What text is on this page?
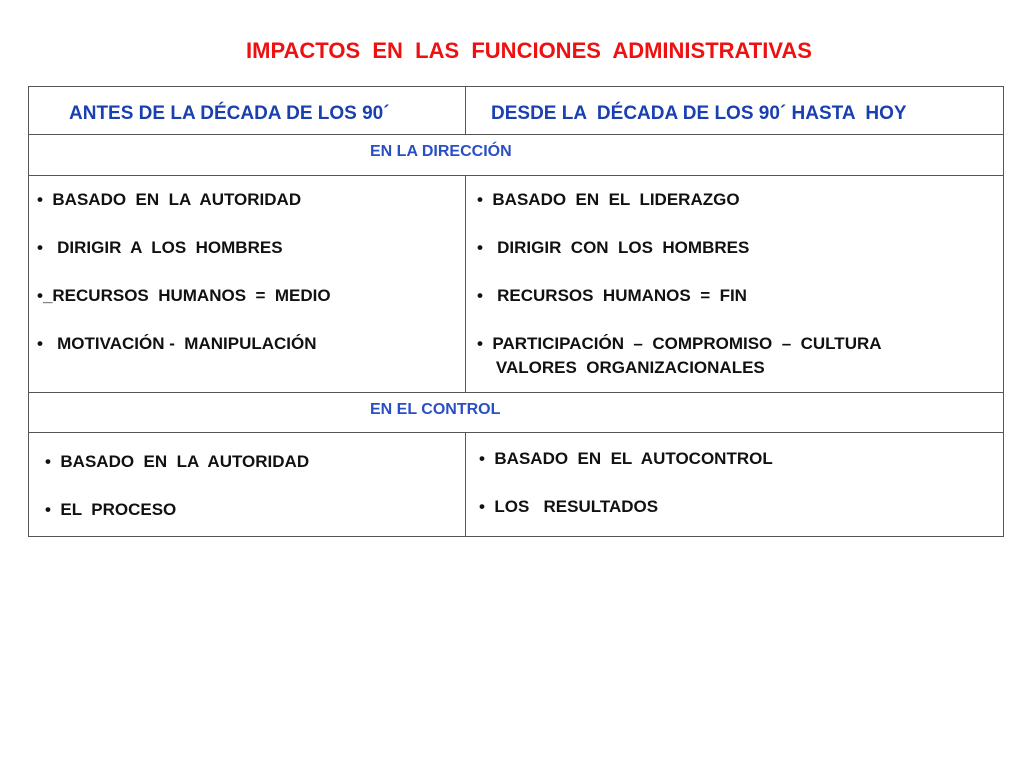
IMPACTOS  EN  LAS  FUNCIONES  ADMINISTRATIVAS
ANTES DE LA DÉCADA DE LOS 90´	DESDE LA  DÉCADA DE LOS 90´ HASTA  HOY
EN LA DIRECCIÓN
•  BASADO  EN  LA  AUTORIDAD
•   DIRIGIR  A  LOS  HOMBRES
•_RECURSOS  HUMANOS  =  MEDIO
•   MOTIVACIÓN -  MANIPULACIÓN
•  BASADO  EN  EL  LIDERAZGO
•   DIRIGIR  CON  LOS  HOMBRES
•   RECURSOS  HUMANOS  =  FIN
•  PARTICIPACIÓN  –  COMPROMISO  –  CULTURA
VALORES  ORGANIZACIONALES
EN EL CONTROL
•  BASADO  EN  LA  AUTORIDAD
•  EL  PROCESO
•  BASADO  EN  EL  AUTOCONTROL
•  LOS   RESULTADOS
